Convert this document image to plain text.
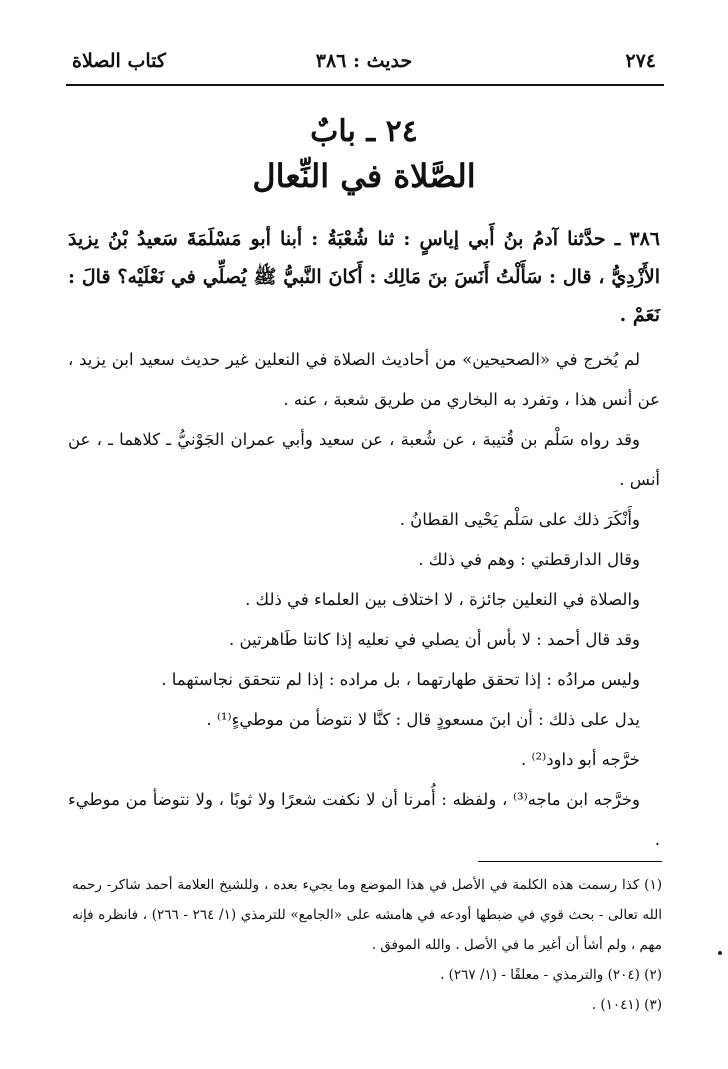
٢٧٤
حديث : ٣٨٦
كتاب الصلاة
٢٤ ـ بابٌ
الصَّلاة في النِّعال

٣٨٦ ـ حدَّثنا آدمُ بنُ أَبي إياسٍ : ثنا شُعْبَةُ : أبنا أبو مَسْلَمَةَ سَعيدُ بْنُ يزيدَ الأَزْدِيُّ ، قال : سَأَلْتُ أَنَسَ بنَ مَالِك : أَكانَ النَّبيُّ ﷺ يُصلِّي في نَعْلَيْه؟ قالَ : نَعَمْ .

لم يُخرج في «الصحيحين» من أحاديث الصلاة في النعلين غير حديث سعيد ابن يزيد ، عن أنس هذا ، وتفرد به البخاري من طريق شعبة ، عنه .

وقد رواه سَلْم بن قُتيبة ، عن شُعبة ، عن سعيد وأبي عمران الجَوْنيُّ ـ كلاهما ـ ، عن أنس .

وأَنْكَرَ ذلك على سَلْم يَحْيى القطانُ .

وقال الدارقطني : وهم في ذلك .

والصلاة في النعلين جائزة ، لا اختلاف بين العلماء في ذلك .

وقد قال أحمد : لا بأس أن يصلي في نعليه إذا كانتا طَاهرتين .

وليس مرادُه : إذا تحقق طهارتهما ، بل مراده : إذا لم تتحقق نجاستهما .

يدل على ذلك : أن ابنَ مسعودٍ قال : كنَّا لا نتوضأ من موطيءٍ⁽¹⁾ .

خرَّجه أبو داود⁽²⁾ .

وخرَّجه ابن ماجه⁽³⁾ ، ولفظه : أُمرنا أن لا نكفت شعرًا ولا ثوبًا ، ولا نتوضأ من موطيء .

(١) كذا رسمت هذه الكلمة في الأصل في هذا الموضع وما يجيء بعده ، وللشيخ العلامة أحمد شاكر- رحمه الله تعالى - بحث قوي في ضبطها أودعه في هامشه على «الجامع» للترمذي (١/ ٢٦٤ - ٢٦٦) ، فانظره فإنه مهم ، ولم أشأ أن أغير ما في الأصل . والله الموفق .

(٢) (٢٠٤) والترمذي - معلقًا - (١/ ٢٦٧) .

(٣) (١٠٤١) .
